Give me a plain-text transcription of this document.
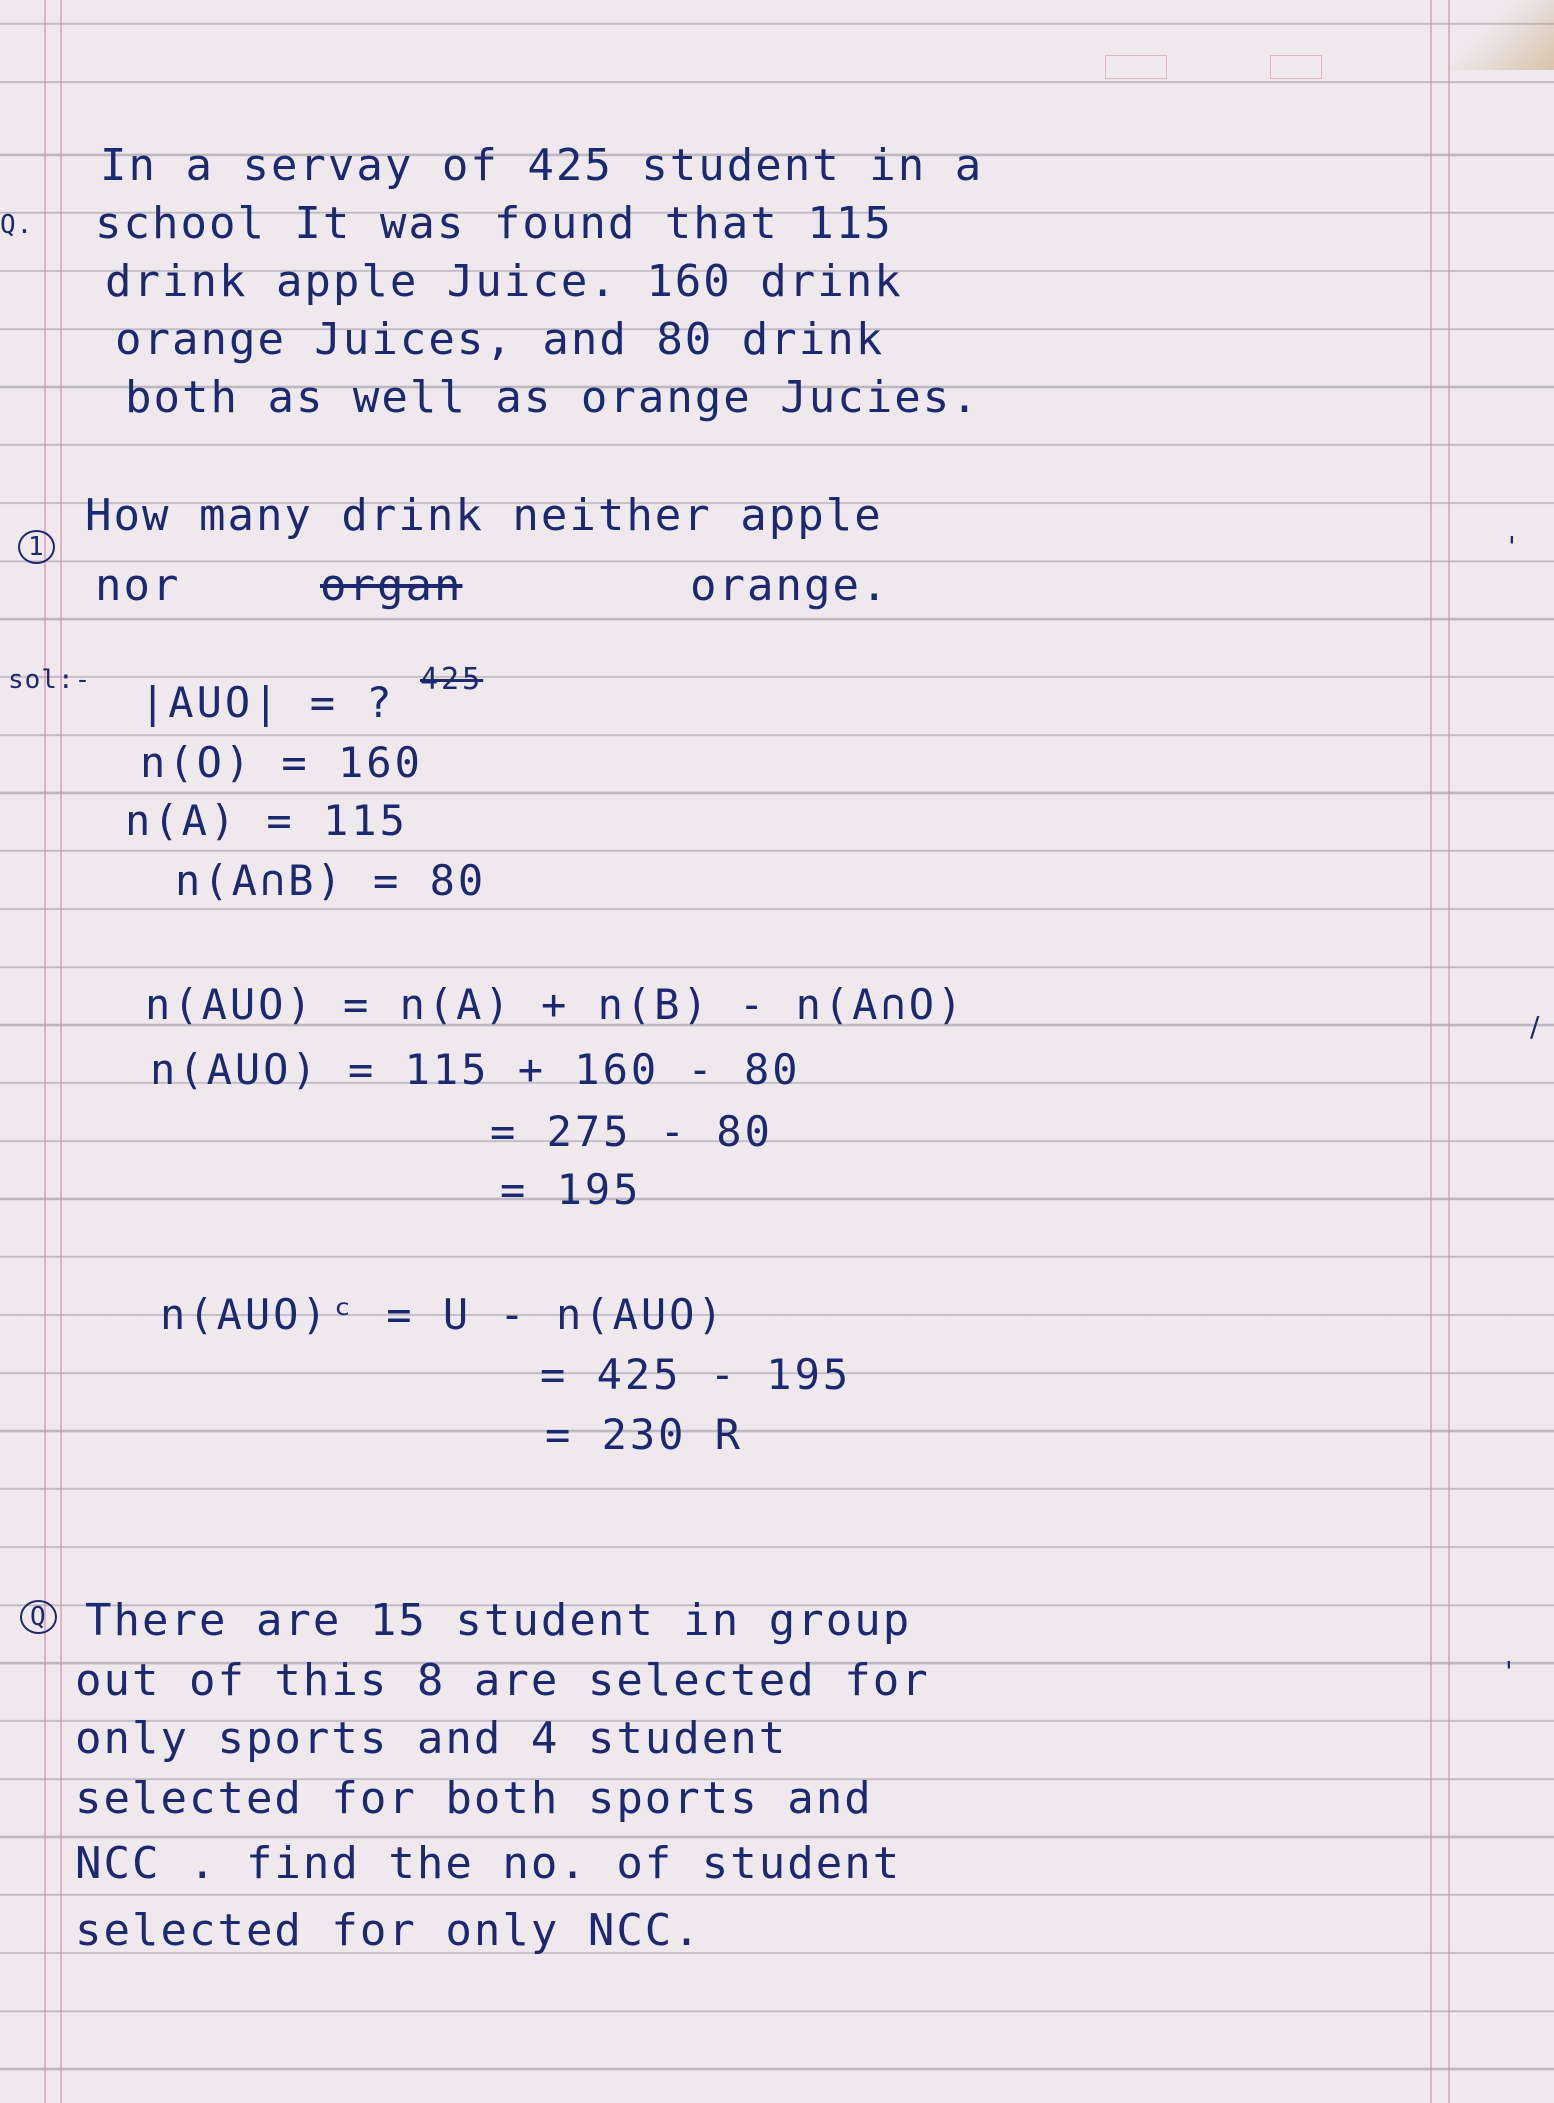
Q.

In a servay of 425 student in a

school It was found that 115

drink apple Juice. 160 drink

orange Juices, and 80 drink

both as well as orange Jucies.

1

How many drink neither apple

nor	organ	orange.

sol:- |AUO| = ? 425

n(O) = 160

n(A) = 115

n(A∩B) = 80

n(AUO) = n(A) + n(B) - n(A∩O)

n(AUO) = 115 + 160 - 80

= 275 - 80

= 195

n(AUO)ᶜ = U - n(AUO)

= 425 - 195

= 230 R

Q There are 15 student in group

out of this 8 are selected for

only sports and 4 student

selected for both sports and

NCC . find the no. of student

selected for only NCC.

'
/
'
